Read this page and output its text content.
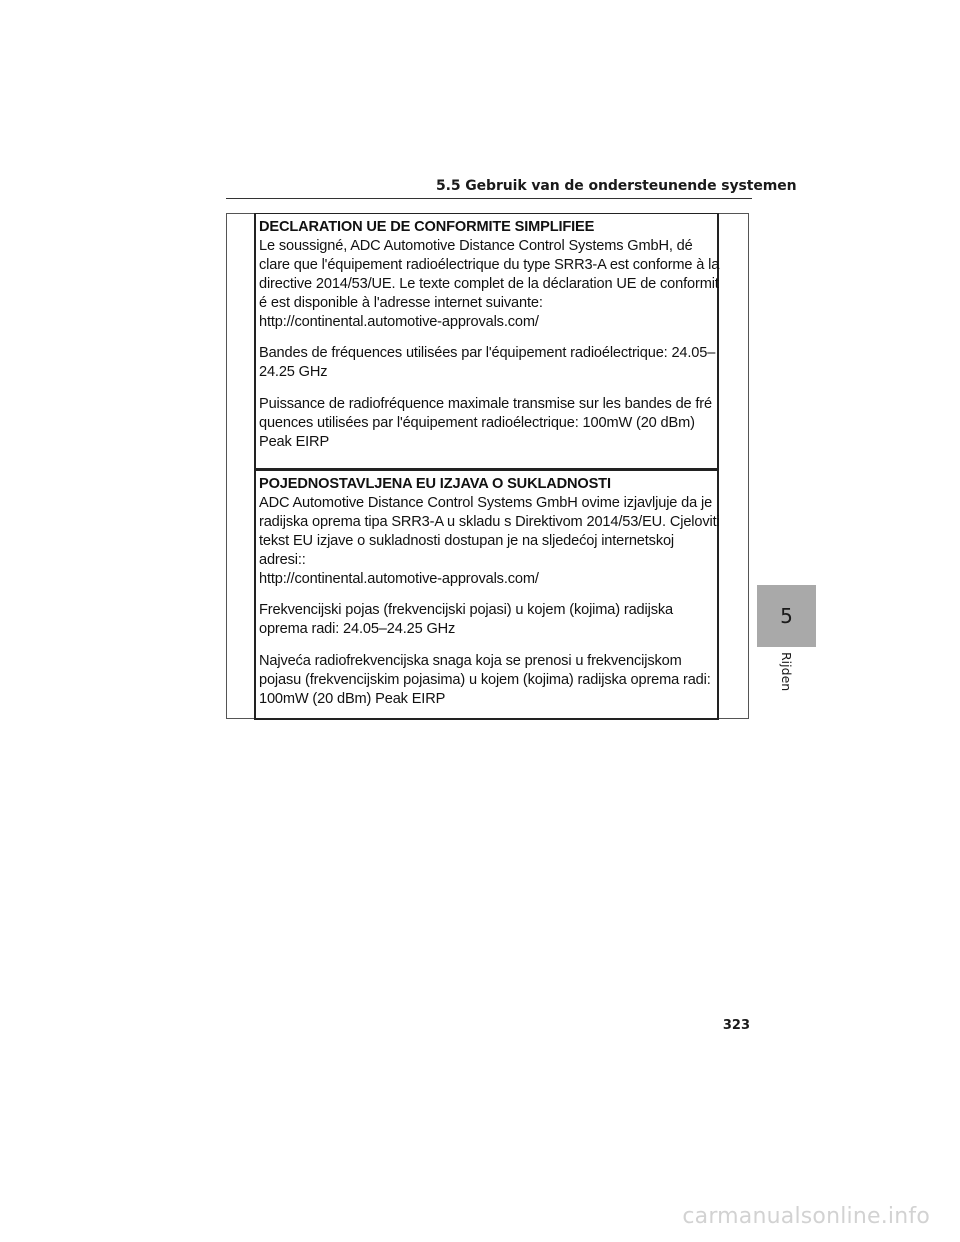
5.5 Gebruik van de ondersteunende systemen
DECLARATION UE DE CONFORMITE SIMPLIFIEE
Le soussigné, ADC Automotive Distance Control Systems GmbH, dé
clare que l'équipement radioélectrique du type SRR3-A est conforme à la
directive 2014/53/UE. Le texte complet de la déclaration UE de conformit
é est disponible à l'adresse internet suivante:
http://continental.automotive-approvals.com/
Bandes de fréquences utilisées par l'équipement radioélectrique: 24.05–
24.25 GHz
Puissance de radiofréquence maximale transmise sur les bandes de fré
quences utilisées par l'équipement radioélectrique: 100mW (20 dBm)
Peak EIRP
POJEDNOSTAVLJENA EU IZJAVA O SUKLADNOSTI
ADC Automotive Distance Control Systems GmbH ovime izjavljuje da je
radijska oprema tipa SRR3-A u skladu s Direktivom 2014/53/EU. Cjeloviti
tekst EU izjave o sukladnosti dostupan je na sljedećoj internetskoj
adresi::
http://continental.automotive-approvals.com/
Frekvencijski pojas (frekvencijski pojasi) u kojem (kojima) radijska
oprema radi: 24.05–24.25 GHz
Najveća radiofrekvencijska snaga koja se prenosi u frekvencijskom
pojasu (frekvencijskim pojasima) u kojem (kojima) radijska oprema radi:
100mW (20 dBm) Peak EIRP
5
Rijden
323
carmanualsonline.info
